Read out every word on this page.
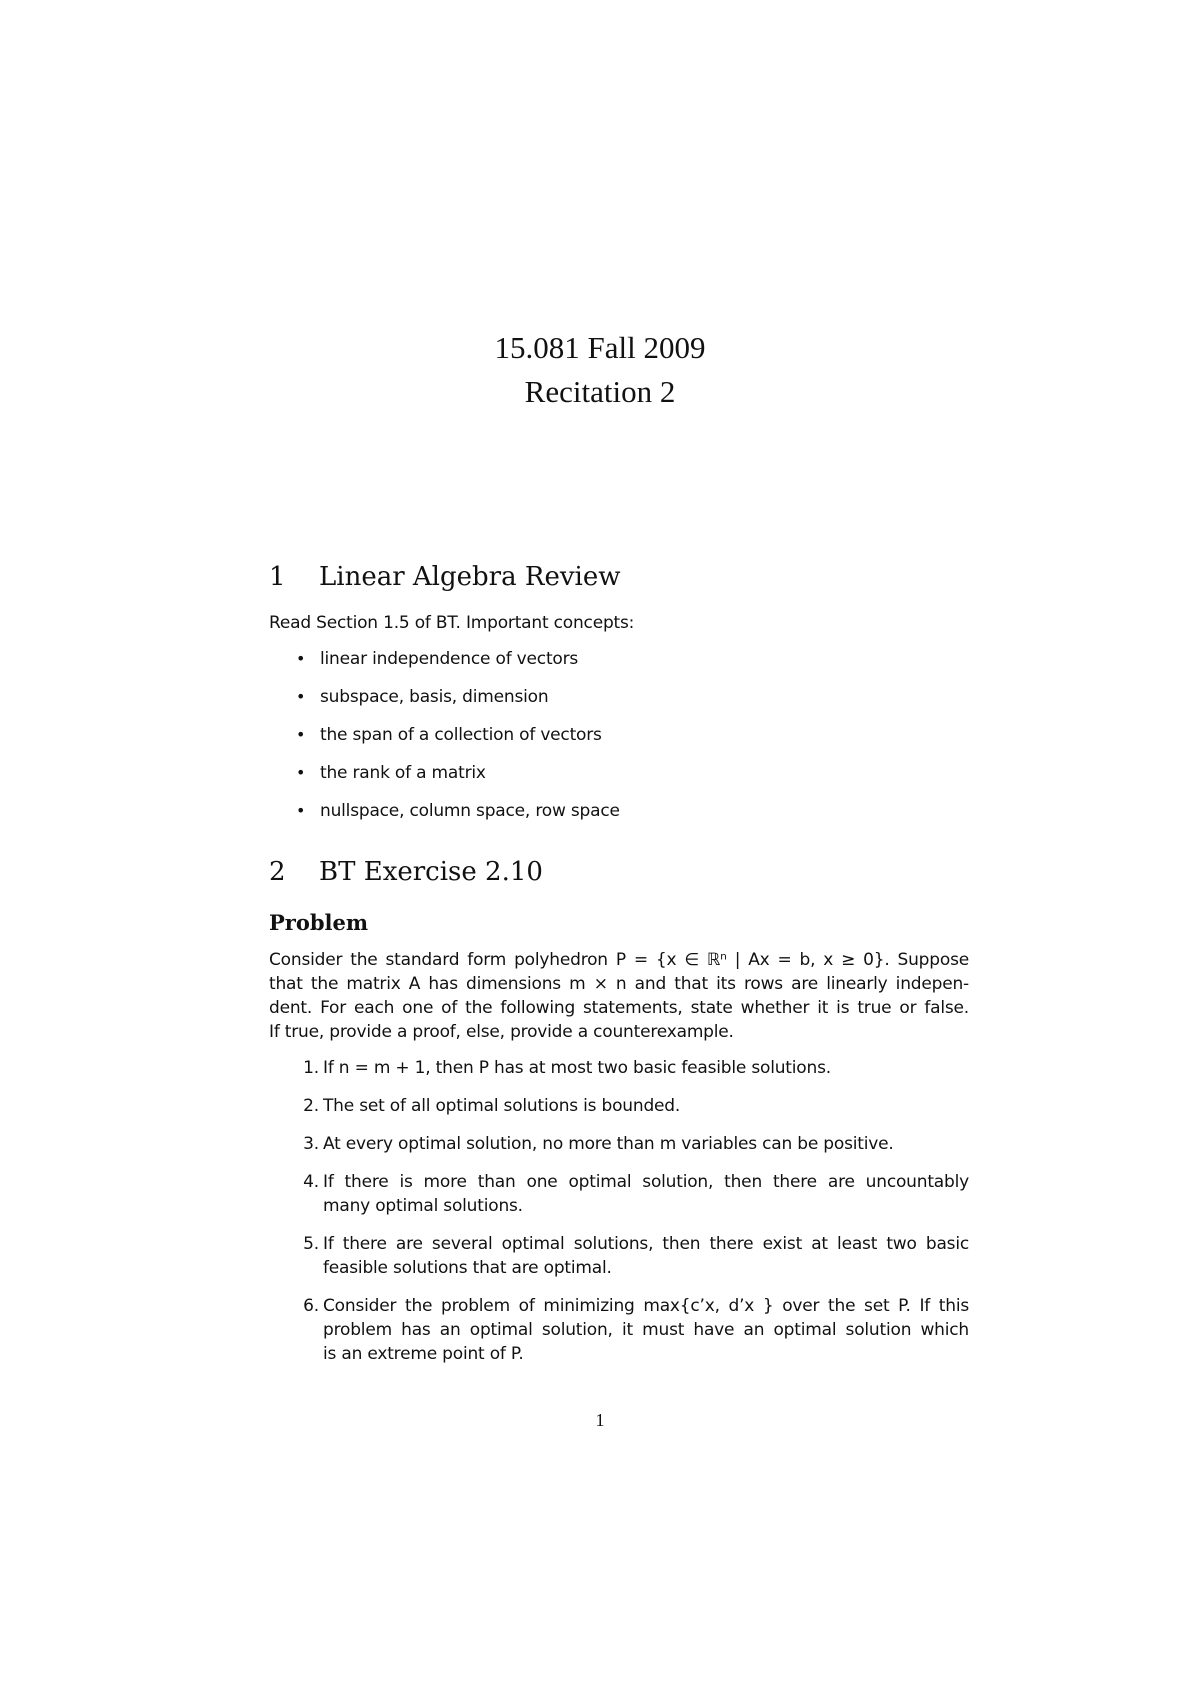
15.081 Fall 2009
Recitation 2
1 Linear Algebra Review
Read Section 1.5 of BT. Important concepts:
• linear independence of vectors
• subspace, basis, dimension
• the span of a collection of vectors
• the rank of a matrix
• nullspace, column space, row space
2 BT Exercise 2.10
Problem
Consider the standard form polyhedron P = {x ∈ ℝⁿ | Ax = b, x ≥ 0}. Suppose
that the matrix A has dimensions m × n and that its rows are linearly indepen-
dent. For each one of the following statements, state whether it is true or false.
If true, provide a proof, else, provide a counterexample.
1. If n = m + 1, then P has at most two basic feasible solutions.
2. The set of all optimal solutions is bounded.
3. At every optimal solution, no more than m variables can be positive.
4. If there is more than one optimal solution, then there are uncountably
many optimal solutions.
5. If there are several optimal solutions, then there exist at least two basic
feasible solutions that are optimal.
6. Consider the problem of minimizing max{c’x, d’x } over the set P. If this
problem has an optimal solution, it must have an optimal solution which
is an extreme point of P.
1
